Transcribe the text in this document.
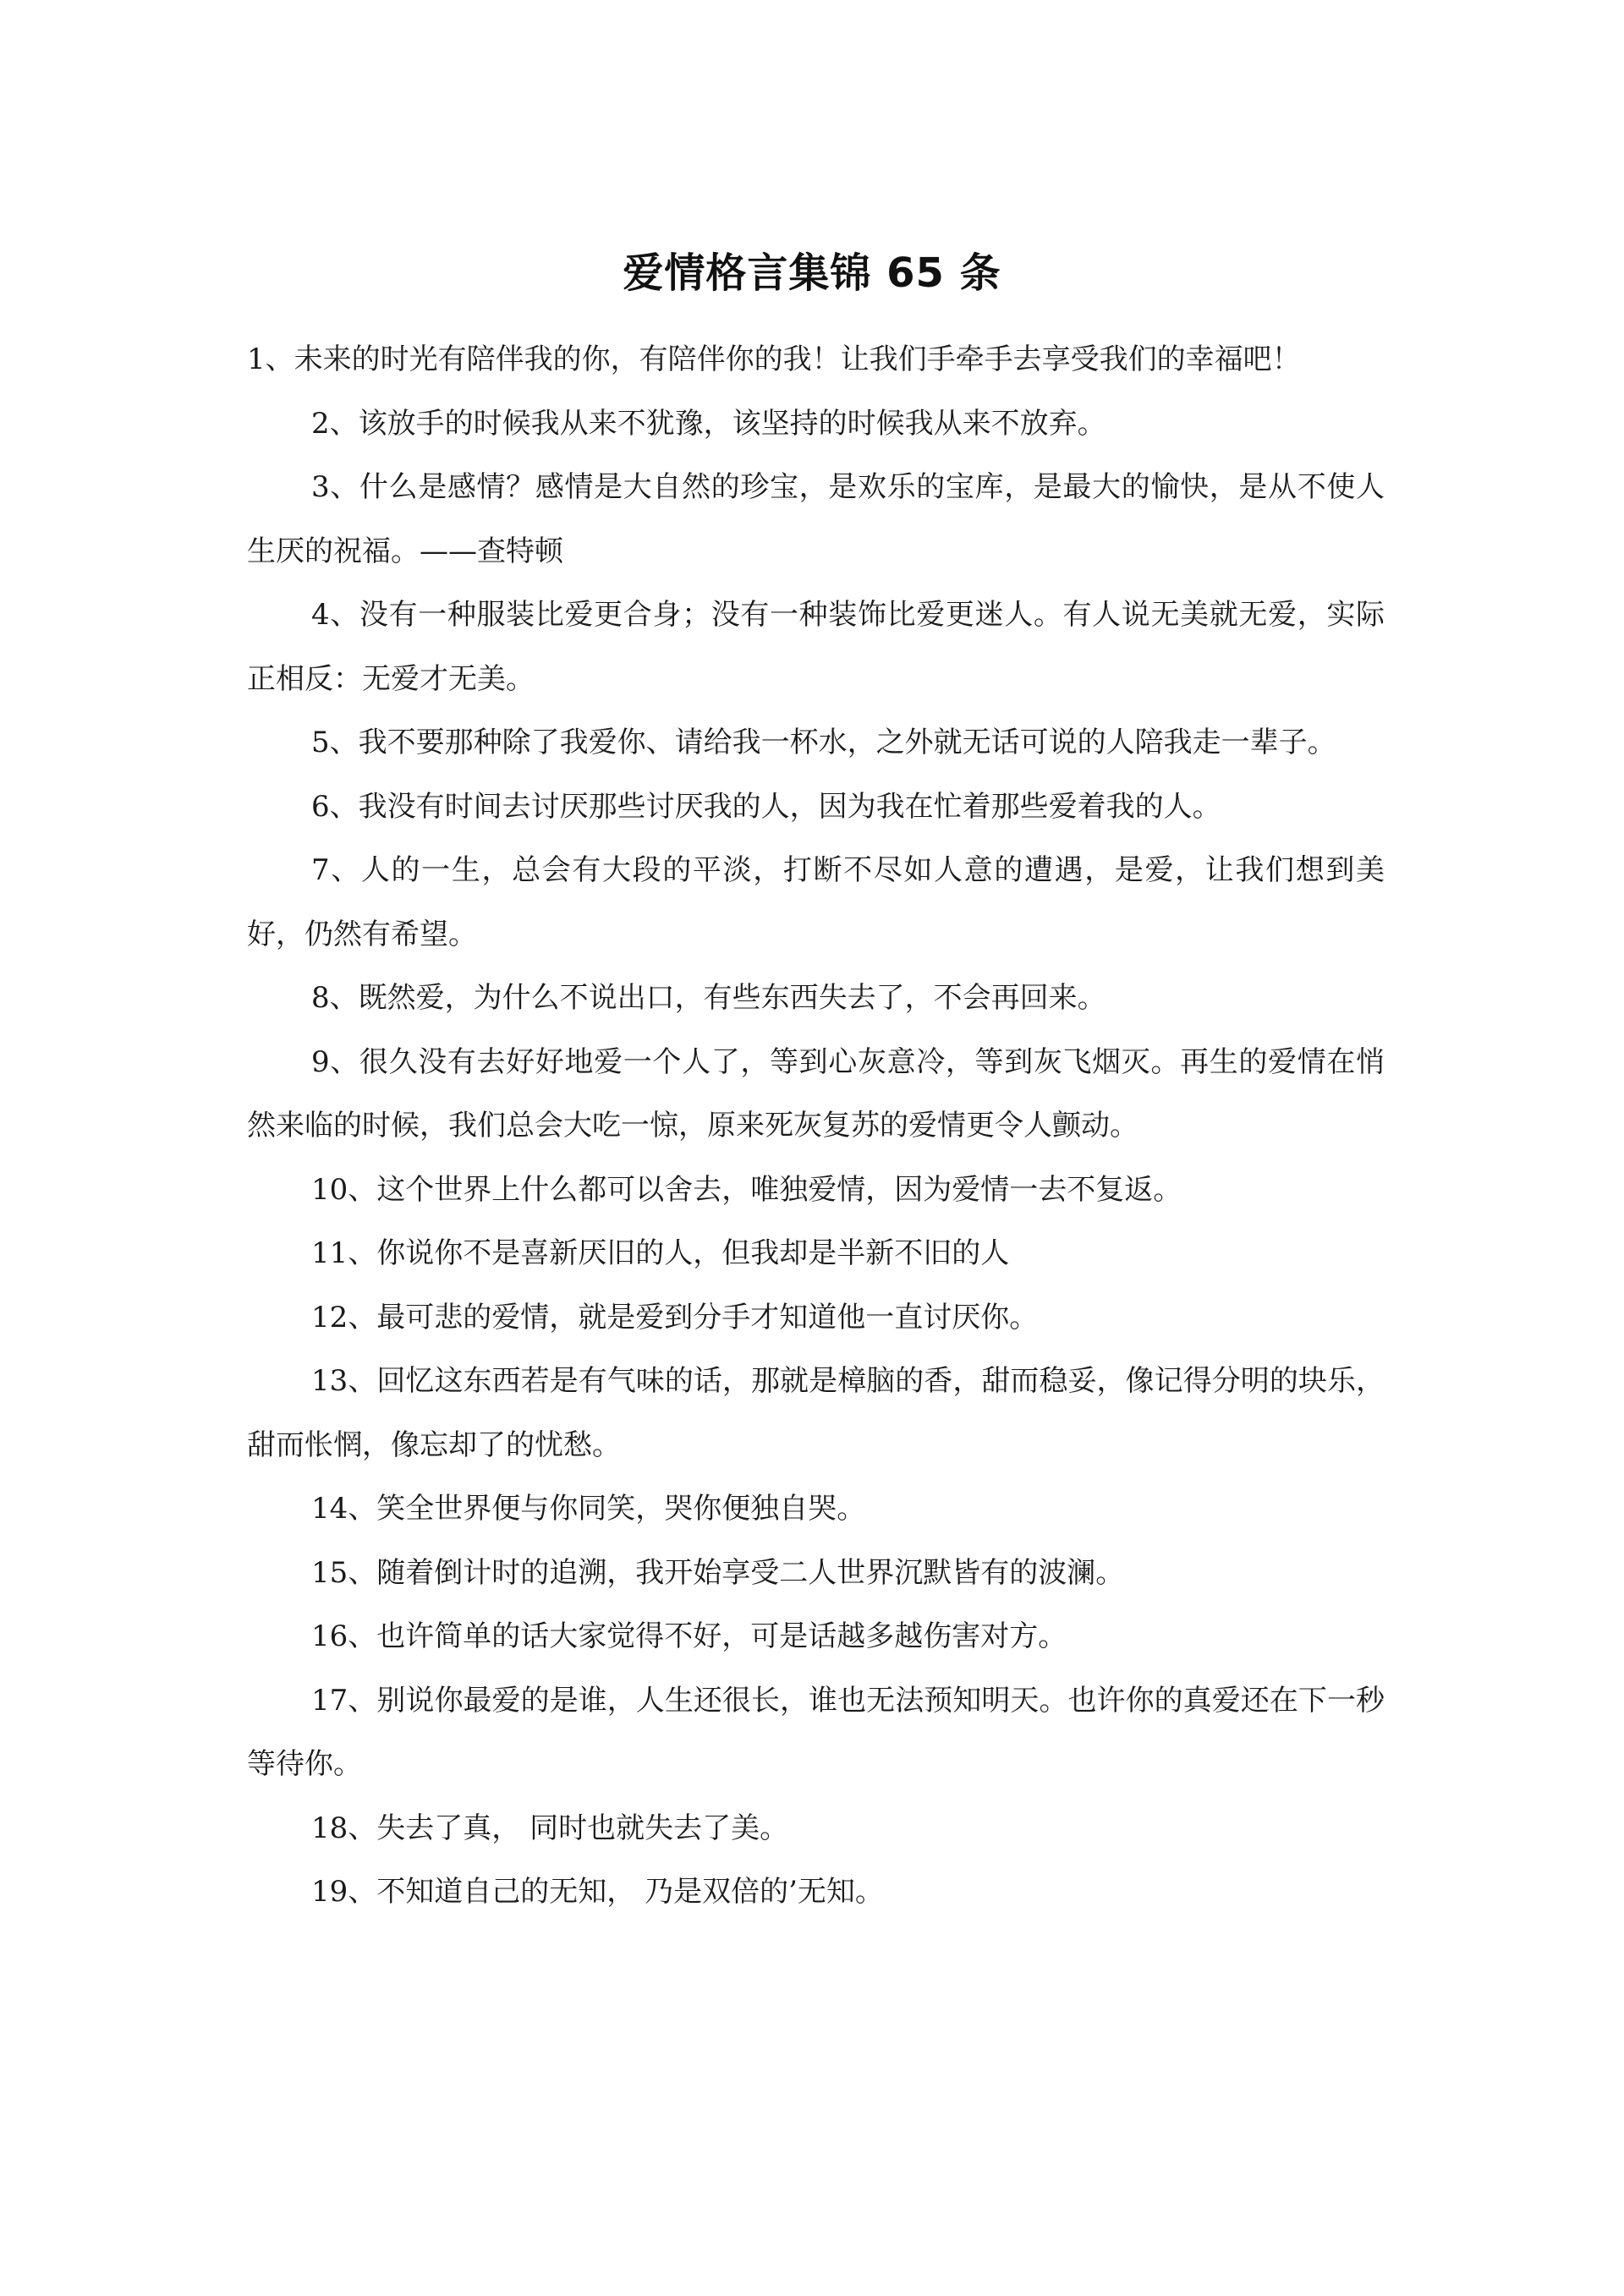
爱情格言集锦 65 条

1、未来的时光有陪伴我的你，有陪伴你的我！让我们手牵手去享受我们的幸福吧！

2、该放手的时候我从来不犹豫，该坚持的时候我从来不放弃。

3、什么是感情？感情是大自然的珍宝，是欢乐的宝库，是最大的愉快，是从不使人生厌的祝福。——查特顿

4、没有一种服装比爱更合身；没有一种装饰比爱更迷人。有人说无美就无爱，实际正相反：无爱才无美。

5、我不要那种除了我爱你、请给我一杯水，之外就无话可说的人陪我走一辈子。

6、我没有时间去讨厌那些讨厌我的人，因为我在忙着那些爱着我的人。

7、人的一生，总会有大段的平淡，打断不尽如人意的遭遇，是爱，让我们想到美好，仍然有希望。

8、既然爱，为什么不说出口，有些东西失去了，不会再回来。

9、很久没有去好好地爱一个人了，等到心灰意冷，等到灰飞烟灭。再生的爱情在悄然来临的时候，我们总会大吃一惊，原来死灰复苏的爱情更令人颤动。

10、这个世界上什么都可以舍去，唯独爱情，因为爱情一去不复返。

11、你说你不是喜新厌旧的人，但我却是半新不旧的人

12、最可悲的爱情，就是爱到分手才知道他一直讨厌你。

13、回忆这东西若是有气味的话，那就是樟脑的香，甜而稳妥，像记得分明的块乐，甜而怅惘，像忘却了的忧愁。

14、笑全世界便与你同笑，哭你便独自哭。

15、随着倒计时的追溯，我开始享受二人世界沉默皆有的波澜。

16、也许简单的话大家觉得不好，可是话越多越伤害对方。

17、别说你最爱的是谁，人生还很长，谁也无法预知明天。也许你的真爱还在下一秒等待你。

18、失去了真， 同时也就失去了美。

19、不知道自己的无知， 乃是双倍的’无知。
